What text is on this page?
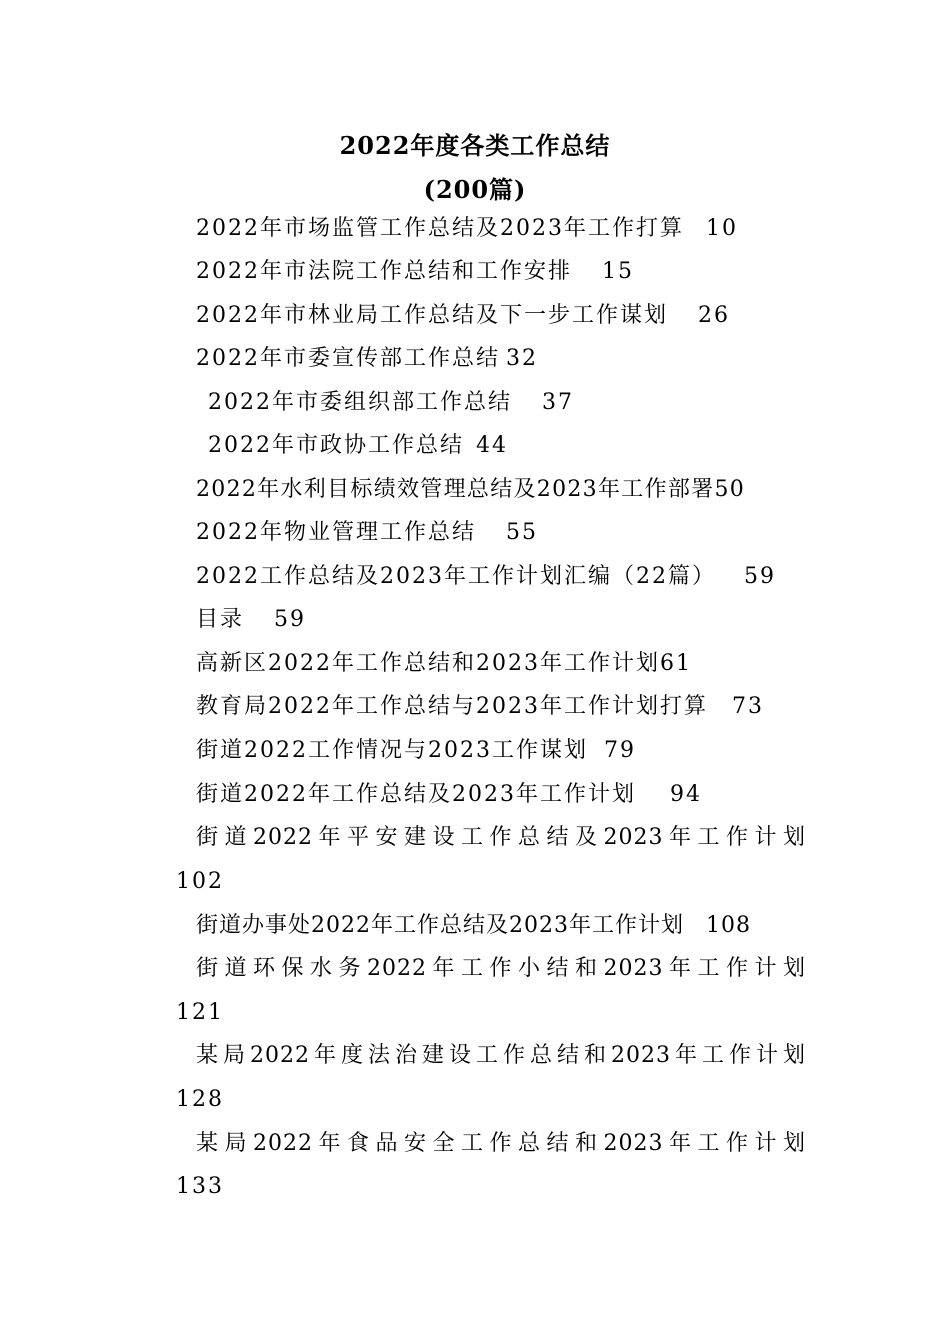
2022年度各类工作总结
(200篇)
2022年市场监管工作总结及2023年工作打算 10
2022年市法院工作总结和工作安排 15
2022年市林业局工作总结及下一步工作谋划 26
2022年市委宣传部工作总结 32
2022年市委组织部工作总结 37
2022年市政协工作总结 44
2022年水利目标绩效管理总结及2023年工作部署50
2022年物业管理工作总结 55
2022工作总结及2023年工作计划汇编（22篇） 59
目录 59
高新区2022年工作总结和2023年工作计划61
教育局2022年工作总结与2023年工作计划打算 73
街道2022工作情况与2023工作谋划 79
街道2022年工作总结及2023年工作计划 94
街道2022年平安建设工作总结及2023年工作计划
102
街道办事处2022年工作总结及2023年工作计划 108
街道环保水务2022年工作小结和2023年工作计划
121
某局2022年度法治建设工作总结和2023年工作计划
128
某局2022年食品安全工作总结和2023年工作计划
133
